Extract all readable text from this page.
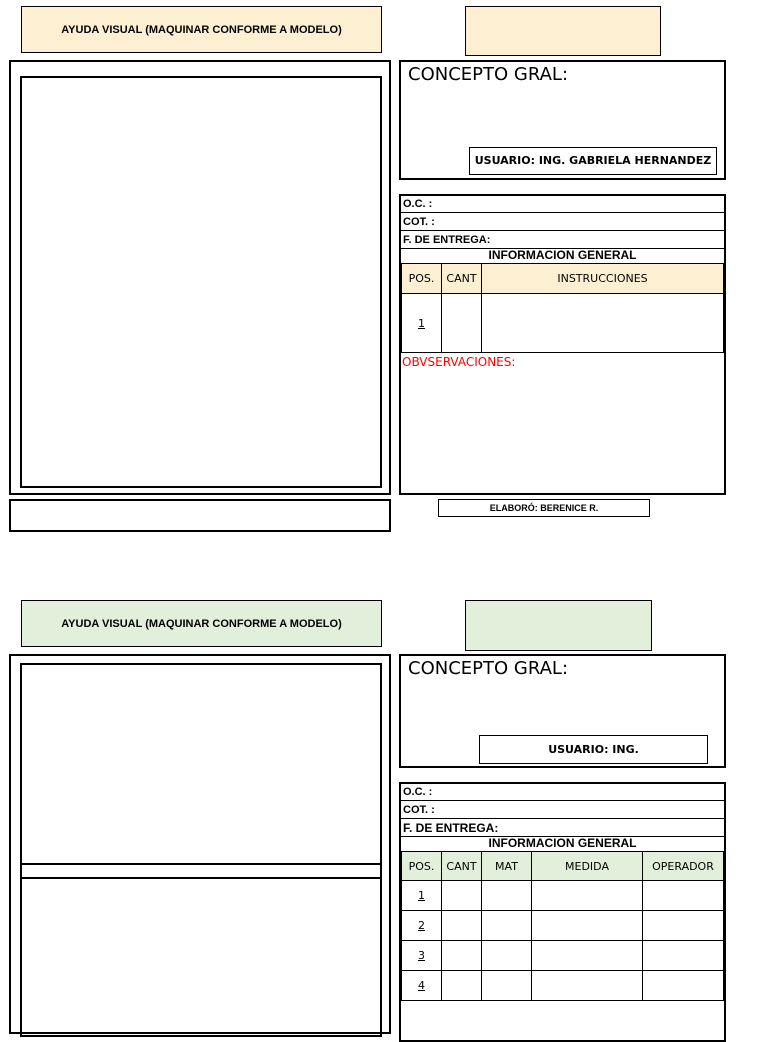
AYUDA VISUAL (MAQUINAR CONFORME A MODELO)
CONCEPTO GRAL:
USUARIO: ING. GABRIELA HERNANDEZ
O.C. :
COT. :
F. DE ENTREGA:
INFORMACION GENERAL
POS.	CANT	INSTRUCCIONES
1		
OBVSERVACIONES:
ELABORÓ: BERENICE R.
AYUDA VISUAL (MAQUINAR CONFORME A MODELO)
CONCEPTO GRAL:
USUARIO: ING.
O.C. :
COT. :
F. DE ENTREGA:
INFORMACION GENERAL
POS.	CANT	MAT	MEDIDA	OPERADOR
1				
2				
3				
4				
